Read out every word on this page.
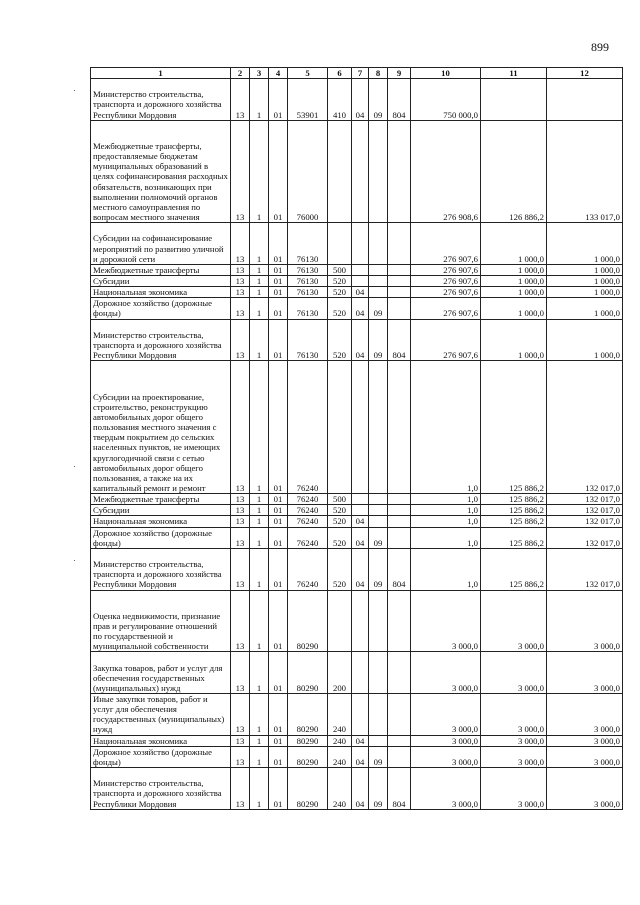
899
1	2	3	4	5	6	7	8	9	10	11	12
Министерство строительства, транспорта и дорожного хозяйства Республики Мордовия	13	1	01	53901	410	04	09	804	750 000,0		
Межбюджетные трансферты, предоставляемые бюджетам муниципальных образований в целях софинансирования расходных обязательств, возникающих при выполнении полномочий органов местного самоуправления по вопросам местного значения	13	1	01	76000					276 908,6	126 886,2	133 017,0
Субсидии на софинансирование мероприятий по развитию уличной и дорожной сети	13	1	01	76130					276 907,6	1 000,0	1 000,0
Межбюджетные трансферты	13	1	01	76130	500				276 907,6	1 000,0	1 000,0
Субсидии	13	1	01	76130	520				276 907,6	1 000,0	1 000,0
Национальная экономика	13	1	01	76130	520	04			276 907,6	1 000,0	1 000,0
Дорожное хозяйство (дорожные фонды)	13	1	01	76130	520	04	09		276 907,6	1 000,0	1 000,0
Министерство строительства, транспорта и дорожного хозяйства Республики Мордовия	13	1	01	76130	520	04	09	804	276 907,6	1 000,0	1 000,0
Субсидии на проектирование, строительство, реконструкцию автомобильных дорог общего пользования местного значения с твердым покрытием до сельских населенных пунктов, не имеющих круглогодичной связи с сетью автомобильных дорог общего пользования, а также на их капитальный ремонт и ремонт	13	1	01	76240					1,0	125 886,2	132 017,0
Межбюджетные трансферты	13	1	01	76240	500				1,0	125 886,2	132 017,0
Субсидии	13	1	01	76240	520				1,0	125 886,2	132 017,0
Национальная экономика	13	1	01	76240	520	04			1,0	125 886,2	132 017,0
Дорожное хозяйство (дорожные фонды)	13	1	01	76240	520	04	09		1,0	125 886,2	132 017,0
Министерство строительства, транспорта и дорожного хозяйства Республики Мордовия	13	1	01	76240	520	04	09	804	1,0	125 886,2	132 017,0
Оценка недвижимости, признание прав и регулирование отношений по государственной и муниципальной собственности	13	1	01	80290					3 000,0	3 000,0	3 000,0
Закупка товаров, работ и услуг для обеспечения государственных (муниципальных) нужд	13	1	01	80290	200				3 000,0	3 000,0	3 000,0
Иные закупки товаров, работ и услуг для обеспечения государственных (муниципальных) нужд	13	1	01	80290	240				3 000,0	3 000,0	3 000,0
Национальная экономика	13	1	01	80290	240	04			3 000,0	3 000,0	3 000,0
Дорожное хозяйство (дорожные фонды)	13	1	01	80290	240	04	09		3 000,0	3 000,0	3 000,0
Министерство строительства, транспорта и дорожного хозяйства Республики Мордовия	13	1	01	80290	240	04	09	804	3 000,0	3 000,0	3 000,0
